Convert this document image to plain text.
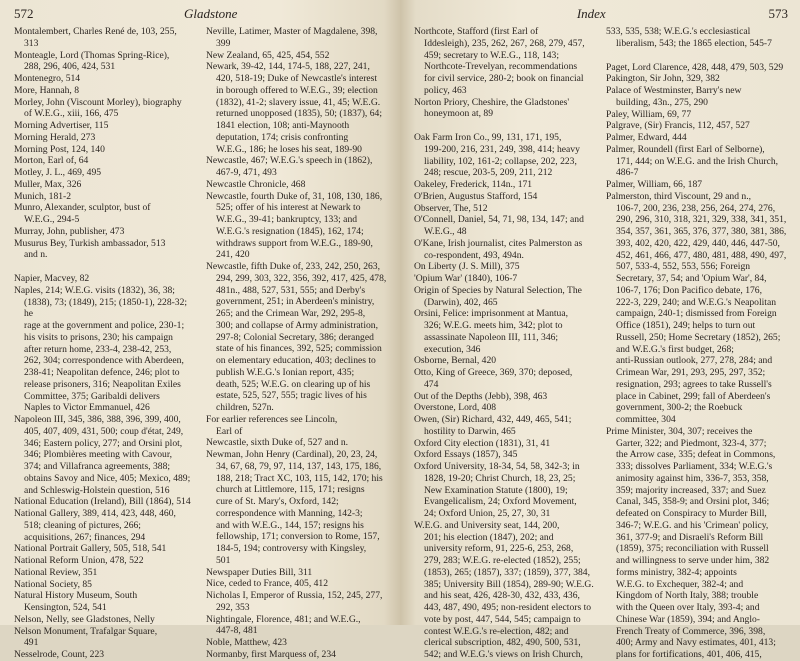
572	Gladstone
Montalembert, Charles René de, 103, 255,
313
Monteagle, Lord (Thomas Spring-Rice),
288, 296, 406, 424, 531
Montenegro, 514
More, Hannah, 8
Morley, John (Viscount Morley), biography
of W.E.G., xiii, 166, 475
Morning Advertiser, 115
Morning Herald, 273
Morning Post, 124, 140
Morton, Earl of, 64
Motley, J. L., 469, 495
Muller, Max, 326
Munich, 181-2
Munro, Alexander, sculptor, bust of
W.E.G., 294-5
Murray, John, publisher, 473
Musurus Bey, Turkish ambassador, 513
and n.
Napier, Macvey, 82
Naples, 214; W.E.G. visits (1832), 36, 38;
(1838), 73; (1849), 215; (1850-1), 228-32; he
rage at the government and police, 230-1;
his visits to prisons, 230; his campaign
after return home, 233-4, 238-42, 253,
262, 304; correspondence with Aberdeen,
238-41; Neapolitan defence, 246; plot to
release prisoners, 316; Neapolitan Exiles
Committee, 375; Garibaldi delivers
Naples to Victor Emmanuel, 426
Napoleon III, 345, 386, 388, 396, 399, 400,
405, 407, 409, 431, 500; coup d'état, 249,
346; Eastern policy, 277; and Orsini plot,
346; Plombières meeting with Cavour,
374; and Villafranca agreements, 388;
obtains Savoy and Nice, 405; Mexico, 489;
and Schleswig-Holstein question, 516
National Education (Ireland), Bill (1864), 514
National Gallery, 389, 414, 423, 448, 460,
518; cleaning of pictures, 266;
acquisitions, 267; finances, 294
National Portrait Gallery, 505, 518, 541
National Reform Union, 478, 522
National Review, 351
National Society, 85
Natural History Museum, South
Kensington, 524, 541
Nelson, Nelly, see Gladstones, Nelly
Nelson Monument, Trafalgar Square,
491
Nesselrode, Count, 223
Neville, Latimer, Master of Magdalene, 398,
399
New Zealand, 65, 425, 454, 552
Newark, 39-42, 144, 174-5, 188, 227, 241,
420, 518-19; Duke of Newcastle's interest
in borough offered to W.E.G., 39; election
(1832), 41-2; slavery issue, 41, 45; W.E.G.
returned unopposed (1835), 50; (1837), 64;
1841 election, 108; anti-Maynooth
deputation, 174; crisis confronting
W.E.G., 186; he loses his seat, 189-90
Newcastle, 467; W.E.G.'s speech in (1862),
467-9, 471, 493
Newcastle Chronicle, 468
Newcastle, fourth Duke of, 31, 108, 130, 186,
525; offer of his interest at Newark to
W.E.G., 39-41; bankruptcy, 133; and
W.E.G.'s resignation (1845), 162, 174;
withdraws support from W.E.G., 189-90,
241, 420
Newcastle, fifth Duke of, 233, 242, 250, 263,
294, 299, 303, 322, 356, 392, 417, 425, 478,
481n., 488, 527, 531, 555; and Derby's
government, 251; in Aberdeen's ministry,
265; and the Crimean War, 292, 295-8,
300; and collapse of Army administration,
297-8; Colonial Secretary, 386; deranged
state of his finances, 392, 525; commission
on elementary education, 403; declines to
publish W.E.G.'s Ionian report, 435;
death, 525; W.E.G. on clearing up of his
estate, 525, 527, 555; tragic lives of his
children, 527n.
For earlier references see Lincoln,
Earl of
Newcastle, sixth Duke of, 527 and n.
Newman, John Henry (Cardinal), 20, 23, 24,
34, 67, 68, 79, 97, 114, 137, 143, 175, 186,
188, 218; Tract XC, 103, 115, 142, 170; his
church at Littlemore, 115, 171; resigns
cure of St. Mary's, Oxford, 142;
correspondence with Manning, 142-3;
and with W.E.G., 144, 157; resigns his
fellowship, 171; conversion to Rome, 157,
184-5, 194; controversy with Kingsley,
501
Newspaper Duties Bill, 311
Nice, ceded to France, 405, 412
Nicholas I, Emperor of Russia, 152, 245, 277,
292, 353
Nightingale, Florence, 481; and W.E.G.,
447-8, 481
Noble, Matthew, 423
Normanby, first Marquess of, 234
Index	573
Northcote, Stafford (first Earl of
Iddesleigh), 235, 262, 267, 268, 279, 457,
459; secretary to W.E.G., 118, 143;
Northcote-Trevelyan, recommendations
for civil service, 280-2; book on financial
policy, 463
Norton Priory, Cheshire, the Gladstones'
honeymoon at, 89
Oak Farm Iron Co., 99, 131, 171, 195,
199-200, 216, 231, 249, 398, 414; heavy
liability, 102, 161-2; collapse, 202, 223,
248; rescue, 203-5, 209, 211, 212
Oakeley, Frederick, 114n., 171
O'Brien, Augustus Stafford, 154
Observer, The, 512
O'Connell, Daniel, 54, 71, 98, 134, 147; and
W.E.G., 48
O'Kane, Irish journalist, cites Palmerston as
co-respondent, 493, 494n.
On Liberty (J. S. Mill), 375
'Opium War' (1840), 106-7
Origin of Species by Natural Selection, The
(Darwin), 402, 465
Orsini, Felice: imprisonment at Mantua,
326; W.E.G. meets him, 342; plot to
assassinate Napoleon III, 111, 346;
execution, 346
Osborne, Bernal, 420
Otto, King of Greece, 369, 370; deposed,
474
Out of the Depths (Jebb), 398, 463
Overstone, Lord, 408
Owen, (Sir) Richard, 432, 449, 465, 541;
hostility to Darwin, 465
Oxford City election (1831), 31, 41
Oxford Essays (1857), 345
Oxford University, 18-34, 54, 58, 342-3; in
1828, 19-20; Christ Church, 18, 23, 25;
New Examination Statute (1800), 19;
Evangelicalism, 24; Oxford Movement,
24; Oxford Union, 25, 27, 30, 31
W.E.G. and University seat, 144, 200,
201; his election (1847), 202; and
university reform, 91, 225-6, 253, 268,
279, 283; W.E.G. re-elected (1852), 255;
(1853), 265; (1857), 337; (1859), 377, 384,
385; University Bill (1854), 289-90; W.E.G.
and his seat, 426, 428-30, 432, 433, 436,
443, 487, 490, 495; non-resident electors to
vote by post, 447, 544, 545; campaign to
contest W.E.G.'s re-election, 482; and
clerical subscription, 482, 490, 500, 531,
542; and W.E.G.'s views on Irish Church,
533, 535, 538; W.E.G.'s ecclesiastical
liberalism, 543; the 1865 election, 545-7
Paget, Lord Clarence, 428, 448, 479, 503, 529
Pakington, Sir John, 329, 382
Palace of Westminster, Barry's new
building, 43n., 275, 290
Paley, William, 69, 77
Palgrave, (Sir) Francis, 112, 457, 527
Palmer, Edward, 444
Palmer, Roundell (first Earl of Selborne),
171, 444; on W.E.G. and the Irish Church,
486-7
Palmer, William, 66, 187
Palmerston, third Viscount, 29 and n.,
106-7, 200, 236, 238, 256, 264, 274, 276,
290, 296, 310, 318, 321, 329, 338, 341, 351,
354, 357, 361, 365, 376, 377, 380, 381, 386,
393, 402, 420, 422, 429, 440, 446, 447-50,
452, 461, 466, 477, 480, 481, 488, 490, 497,
507, 533-4, 552, 553, 556; Foreign
Secretary, 37, 54; and 'Opium War', 84,
106-7, 176; Don Pacifico debate, 176,
222-3, 229, 240; and W.E.G.'s Neapolitan
campaign, 240-1; dismissed from Foreign
Office (1851), 249; helps to turn out
Russell, 250; Home Secretary (1852), 265;
and W.E.G.'s first budget, 268;
anti-Russian outlook, 277, 278, 284; and
Crimean War, 291, 293, 295, 297, 352;
resignation, 293; agrees to take Russell's
place in Cabinet, 299; fall of Aberdeen's
government, 300-2; the Roebuck
committee, 304
Prime Minister, 304, 307; receives the
Garter, 322; and Piedmont, 323-4, 377;
the Arrow case, 335; defeat in Commons,
333; dissolves Parliament, 334; W.E.G.'s
animosity against him, 336-7, 353, 358,
359; majority increased, 337; and Suez
Canal, 345, 358-9; and Orsini plot, 346;
defeated on Conspiracy to Murder Bill,
346-7; W.E.G. and his 'Crimean' policy,
361, 377-9; and Disraeli's Reform Bill
(1859), 375; reconciliation with Russell
and willingness to serve under him, 382
forms ministry, 382-4; appoints
W.E.G. to Exchequer, 382-4; and
Kingdom of North Italy, 388; trouble
with the Queen over Italy, 393-4; and
Chinese War (1859), 394; and Anglo-
French Treaty of Commerce, 396, 398,
400; Army and Navy estimates, 401, 413;
plans for fortifications, 401, 406, 415,
